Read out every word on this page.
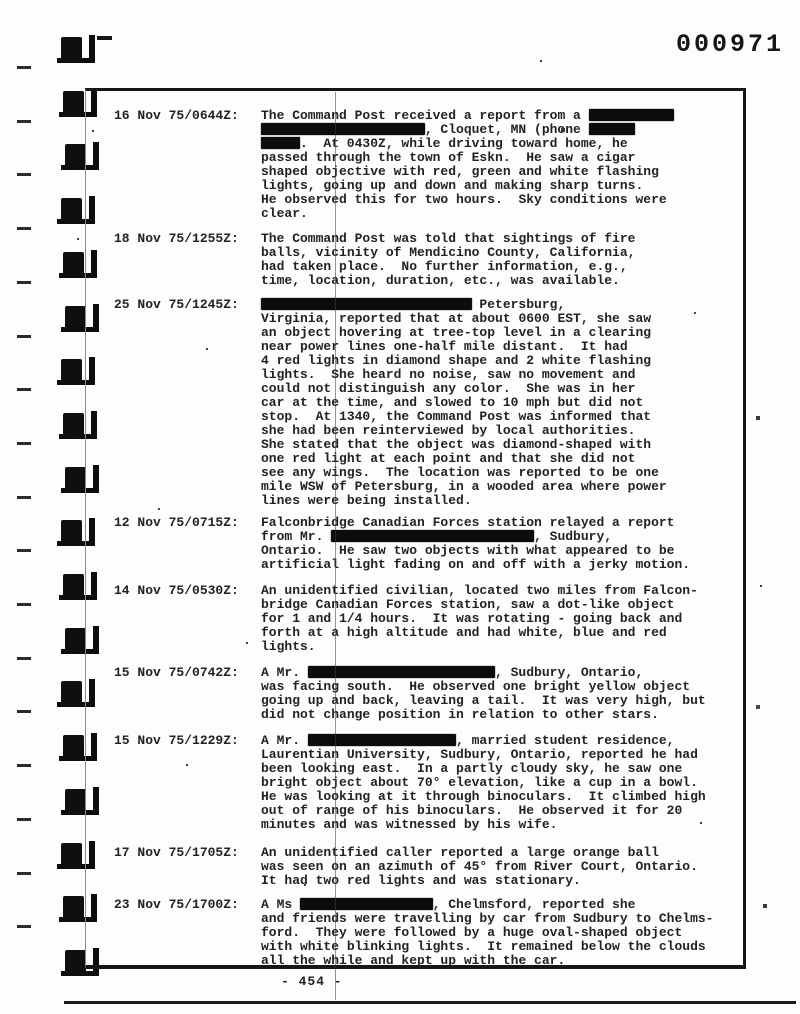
000971
16 Nov 75/0644Z:	The Command Post received a report from a
, Cloquet, MN (phone
.  At 0430Z, while driving toward home, he
passed through the town of Eskn.  He saw a cigar
shaped objective with red, green and white flashing
lights, going up and down and making sharp turns.
He observed this for two hours.  Sky conditions were
clear.
18 Nov 75/1255Z:	The Command Post was told that sightings of fire
balls, vicinity of Mendicino County, California,
had taken place.  No further information, e.g.,
time, location, duration, etc., was available.
25 Nov 75/1245Z:	Petersburg,
Virginia, reported that at about 0600 EST, she saw
an object hovering at tree-top level in a clearing
near power lines one-half mile distant.  It had
4 red lights in diamond shape and 2 white flashing
lights.  She heard no noise, saw no movement and
could not distinguish any color.  She was in her
car at the time, and slowed to 10 mph but did not
stop.  At 1340, the Command Post was informed that
she had been reinterviewed by local authorities.
She stated that the object was diamond-shaped with
one red light at each point and that she did not
see any wings.  The location was reported to be one
mile WSW of Petersburg, in a wooded area where power
lines were being installed.
12 Nov 75/0715Z:	Falconbridge Canadian Forces station relayed a report
from Mr.	, Sudbury,
Ontario.  He saw two objects with what appeared to be
artificial light fading on and off with a jerky motion.
14 Nov 75/0530Z:	An unidentified civilian, located two miles from Falcon-
bridge Canadian Forces station, saw a dot-like object
for 1 and 1/4 hours.  It was rotating - going back and
forth at a high altitude and had white, blue and red
lights.
15 Nov 75/0742Z:	A Mr.	, Sudbury, Ontario,
was facing south.  He observed one bright yellow object
going up and back, leaving a tail.  It was very high, but
did not change position in relation to other stars.
15 Nov 75/1229Z:	A Mr.	, married student residence,
Laurentian University, Sudbury, Ontario, reported he had
been looking east.  In a partly cloudy sky, he saw one
bright object about 70° elevation, like a cup in a bowl.
He was looking at it through binoculars.  It climbed high
out of range of his binoculars.  He observed it for 20
minutes and was witnessed by his wife.
17 Nov 75/1705Z:	An unidentified caller reported a large orange ball
was seen on an azimuth of 45° from River Court, Ontario.
It had two red lights and was stationary.
23 Nov 75/1700Z:	A Ms	, Chelmsford, reported she
and friends were travelling by car from Sudbury to Chelms-
ford.  They were followed by a huge oval-shaped object
with white blinking lights.  It remained below the clouds
all the while and kept up with the car.
- 454 -
